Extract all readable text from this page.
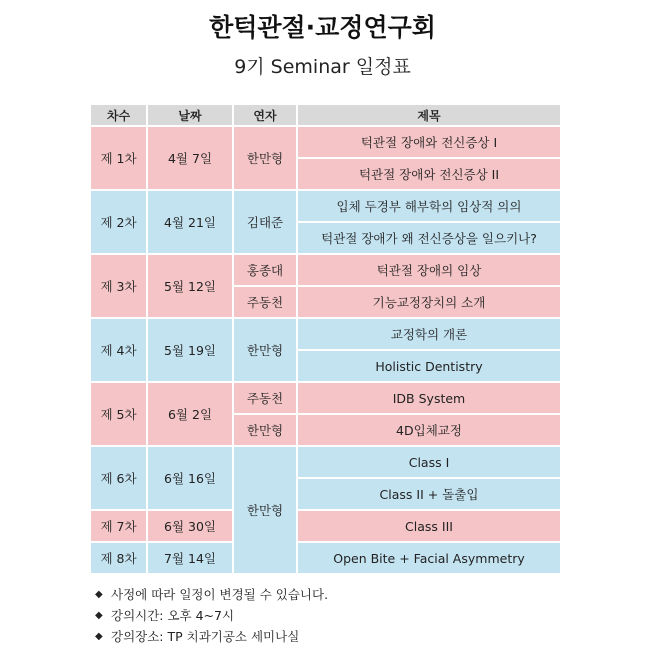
한턱관절·교정연구회
9기 Seminar 일정표
차수	날짜	연자	제목
제 1차	4월 7일	한만형	턱관절 장애와 전신증상 I
			턱관절 장애와 전신증상 II
제 2차	4월 21일	김태준	입체 두경부 해부학의 임상적 의의
			턱관절 장애가 왜 전신증상을 일으키나?
제 3차	5월 12일	홍종대	턱관절 장애의 임상
		주동천	기능교정장치의 소개
제 4차	5월 19일	한만형	교정학의 개론
			Holistic Dentistry
제 5차	6월 2일	주동천	IDB System
		한만형	4D입체교정
제 6차	6월 16일	한만형	Class I
			Class II + 돌출입
제 7차	6월 30일		Class III
제 8차	7월 14일		Open Bite + Facial Asymmetry
◆ 사정에 따라 일정이 변경될 수 있습니다.
◆ 강의시간: 오후 4~7시
◆ 강의장소: TP 치과기공소 세미나실
